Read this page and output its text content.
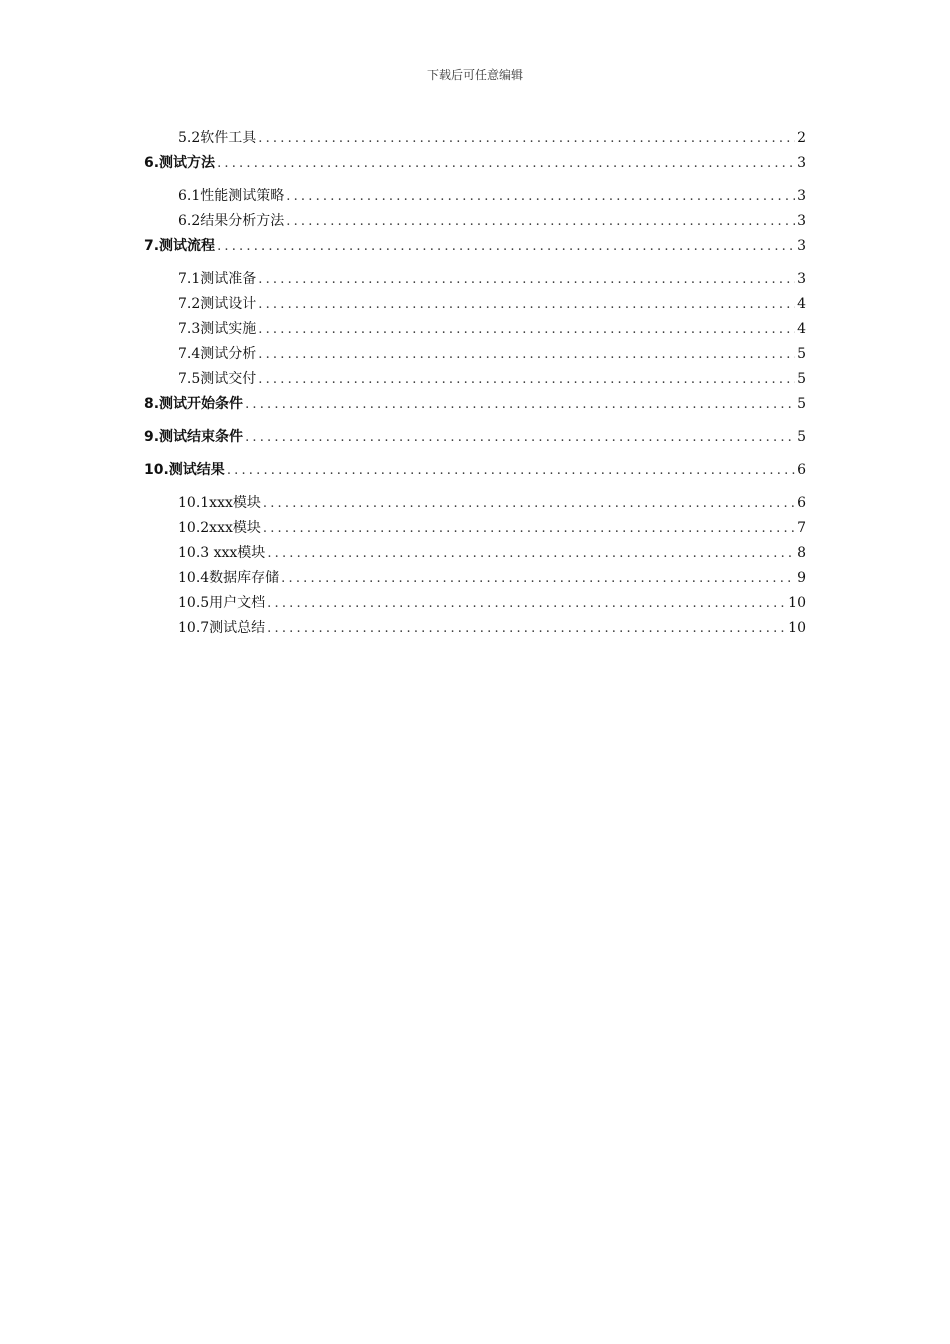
下载后可任意编辑
5.2软件工具 .....	2
6.测试方法 .....	3
6.1性能测试策略 .....	3
6.2结果分析方法 .....	3
7.测试流程 .....	3
7.1测试准备 .....	3
7.2测试设计 .....	4
7.3测试实施 .....	4
7.4测试分析 .....	5
7.5测试交付 .....	5
8.测试开始条件 .....	5
9.测试结束条件 .....	5
10.测试结果 .....	6
10.1xxx模块 .....	6
10.2xxx模块 .....	7
10.3 xxx模块 .....	8
10.4数据库存储 .....	9
10.5用户文档 .....	10
10.7测试总结 .....	10
